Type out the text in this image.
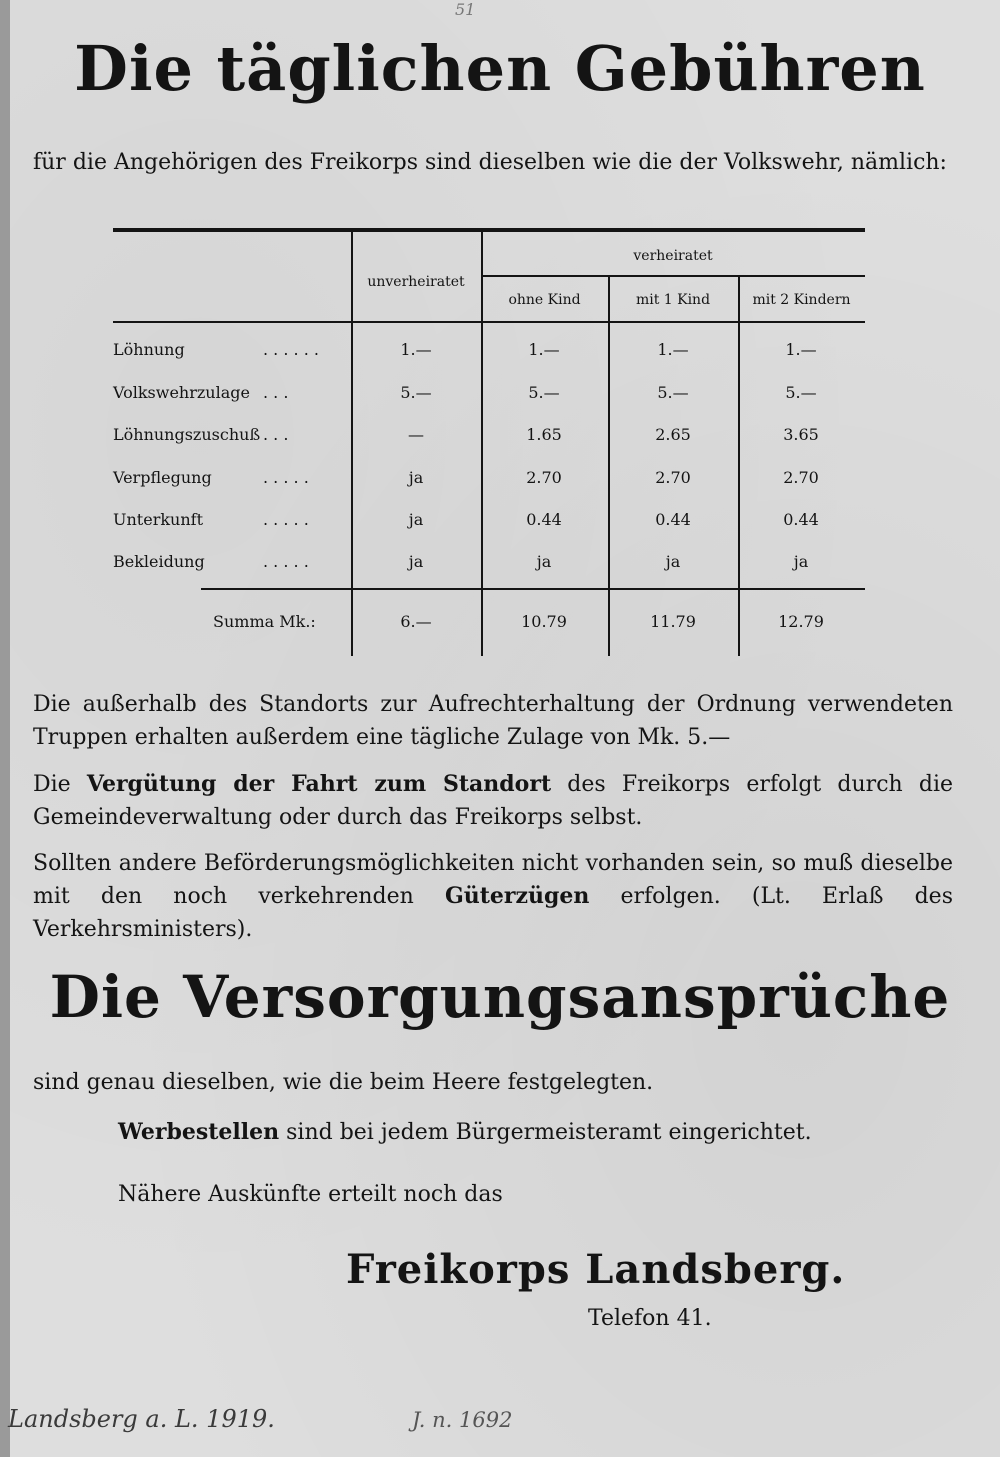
51
Die täglichen Gebühren
für die Angehörigen des Freikorps sind dieselben wie die der Volkswehr, nämlich:
unverheiratet
verheiratet
ohne Kind	mit 1 Kind	mit 2 Kindern
Löhnung	. . . . . .	1.—	1.—	1.—	1.—
Volkswehrzulage . . .	5.—	5.—	5.—	5.—
Löhnungszuschuß . . .	—	1.65	2.65	3.65
Verpflegung	. . . . .	ja	2.70	2.70	2.70
Unterkunft	. . . . .	ja	0.44	0.44	0.44
Bekleidung	. . . . .	ja	ja	ja	ja
Summa Mk.:	6.—	10.79	11.79	12.79
Die außerhalb des Standorts zur Aufrechterhaltung der Ordnung verwendeten Truppen erhalten außerdem eine tägliche Zulage von Mk. 5.—
Die Vergütung der Fahrt zum Standort des Freikorps erfolgt durch die Gemeindeverwaltung oder durch das Freikorps selbst.
Sollten andere Beförderungsmöglichkeiten nicht vorhanden sein, so muß dieselbe mit den noch verkehrenden Güterzügen erfolgen. (Lt. Erlaß des Verkehrsministers).
Die Versorgungsansprüche
sind genau dieselben, wie die beim Heere festgelegten.
Werbestellen sind bei jedem Bürgermeisteramt eingerichtet.
Nähere Auskünfte erteilt noch das
Freikorps Landsberg.
Telefon 41.
Landsberg a. L. 1919.	J. n. 1692
